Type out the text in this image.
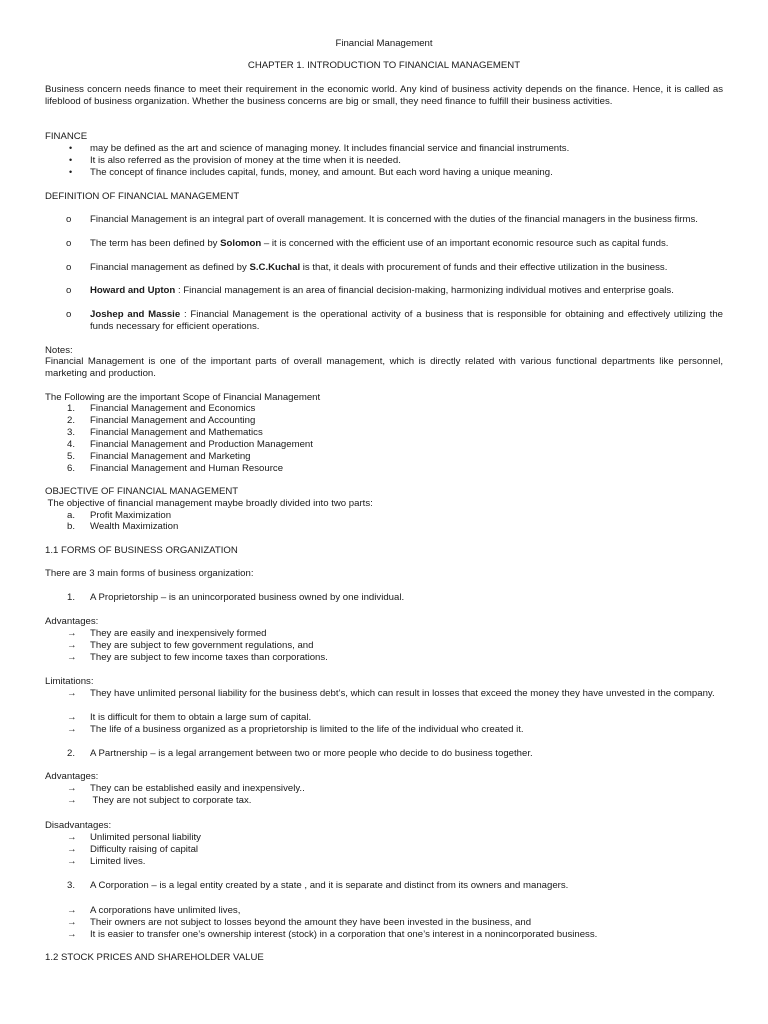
Financial Management
CHAPTER 1. INTRODUCTION TO FINANCIAL MANAGEMENT
Business concern needs finance to meet their requirement in the economic world. Any kind of business activity depends on the finance. Hence, it is called as lifeblood of business organization. Whether the business concerns are big or small, they need finance to fulfill their business activities.
FINANCE
• may be defined as the art and science of managing money. It includes financial service and financial instruments.
• It is also referred as the provision of money at the time when it is needed.
• The concept of finance includes capital, funds, money, and amount. But each word having a unique meaning.
DEFINITION OF FINANCIAL MANAGEMENT
o Financial Management is an integral part of overall management. It is concerned with the duties of the financial managers in the business firms.
o The term has been defined by Solomon – it is concerned with the efficient use of an important economic resource such as capital funds.
o Financial management as defined by S.C.Kuchal is that, it deals with procurement of funds and their effective utilization in the business.
o Howard and Upton : Financial management is an area of financial decision-making, harmonizing individual motives and enterprise goals.
o Joshep and Massie : Financial Management is the operational activity of a business that is responsible for obtaining and effectively utilizing the funds necessary for efficient operations.
Notes:
Financial Management is one of the important parts of overall management, which is directly related with various functional departments like personnel, marketing and production.
The Following are the important Scope of Financial Management
1. Financial Management and Economics
2. Financial Management and Accounting
3. Financial Management and Mathematics
4. Financial Management and Production Management
5. Financial Management and Marketing
6. Financial Management and Human Resource
OBJECTIVE OF FINANCIAL MANAGEMENT
The objective of financial management maybe broadly divided into two parts:
a. Profit Maximization
b. Wealth Maximization
1.1 FORMS OF BUSINESS ORGANIZATION
There are 3 main forms of business organization:
1. A Proprietorship – is an unincorporated business owned by one individual.
Advantages:
→ They are easily and inexpensively formed
→ They are subject to few government regulations, and
→ They are subject to few income taxes than corporations.
Limitations:
→ They have unlimited personal liability for the business debt’s, which can result in losses that exceed the money they have unvested in the company.
→ It is difficult for them to obtain a large sum of capital.
→ The life of a business organized as a proprietorship is limited to the life of the individual who created it.
2. A Partnership – is a legal arrangement between two or more people who decide to do business together.
Advantages:
→ They can be established easily and inexpensively..
→ They are not subject to corporate tax.
Disadvantages:
→ Unlimited personal liability
→ Difficulty raising of capital
→ Limited lives.
3. A Corporation – is a legal entity created by a state , and it is separate and distinct from its owners and managers.
→ A corporations have unlimited lives,
→ Their owners are not subject to losses beyond the amount they have been invested in the business, and
→ It is easier to transfer one’s ownership interest (stock) in a corporation that one’s interest in a nonincorporated business.
1.2 STOCK PRICES AND SHAREHOLDER VALUE
